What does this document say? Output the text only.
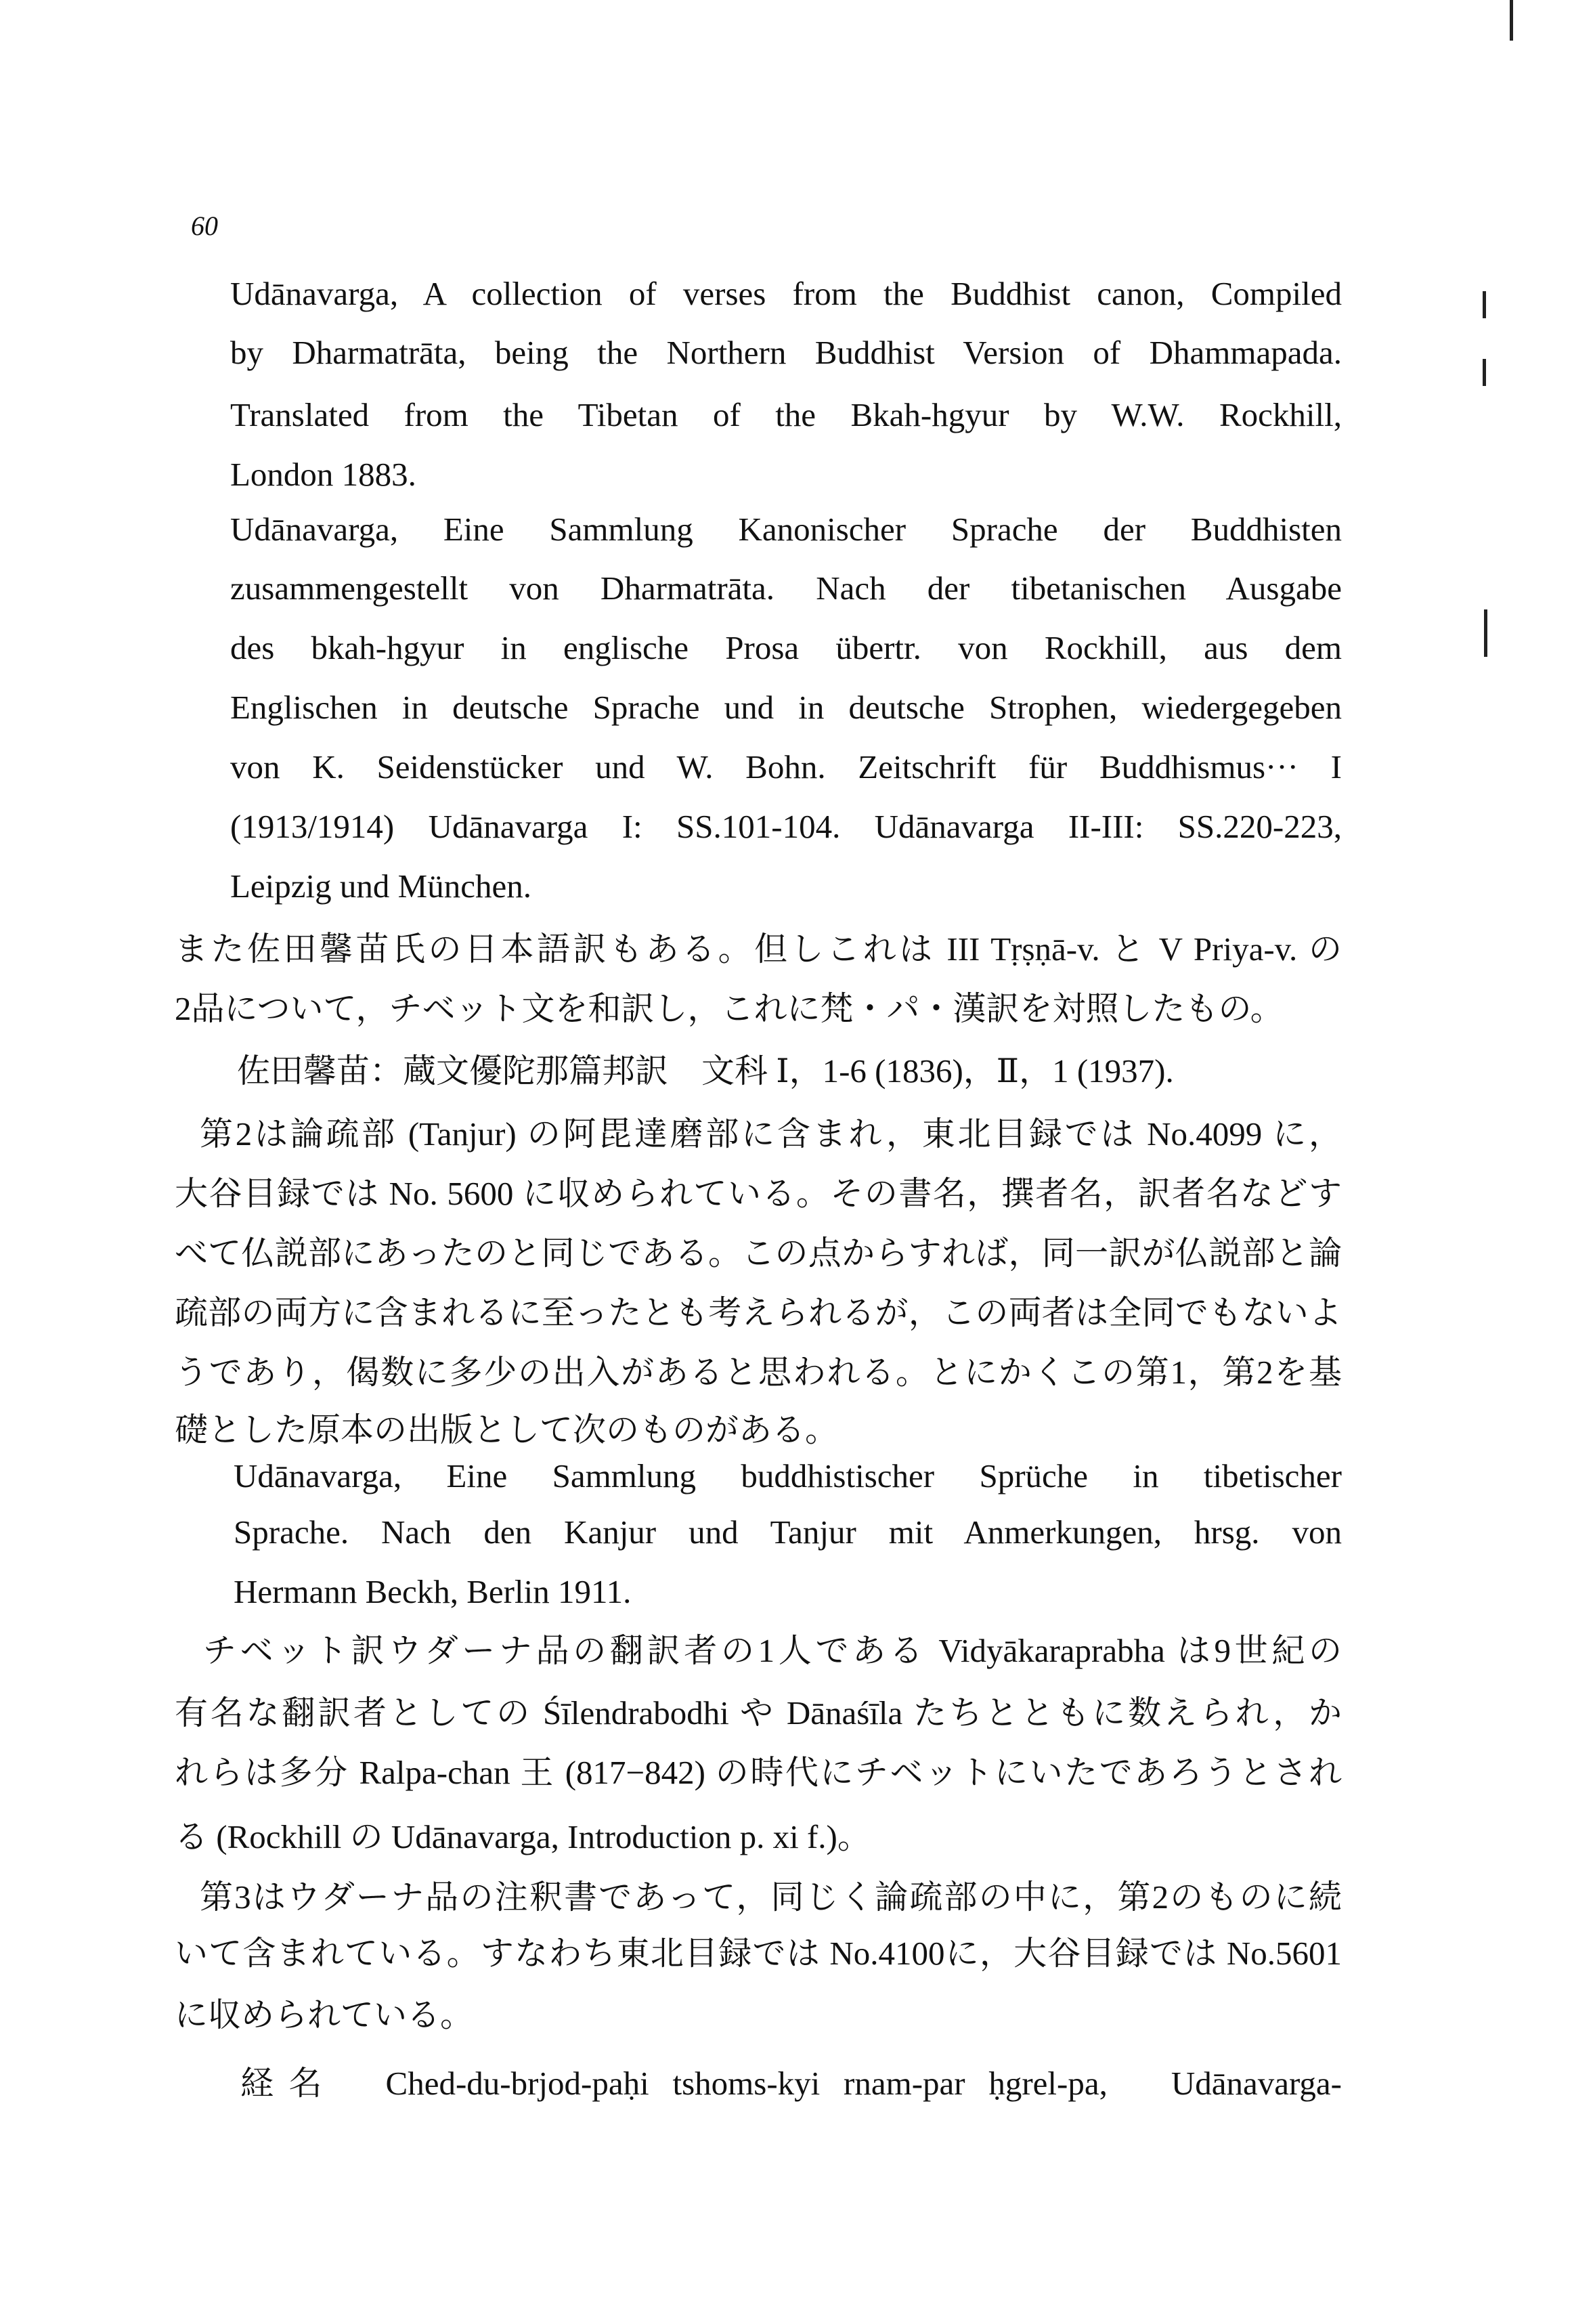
60
Udānavarga, A collection of verses from the Buddhist canon, Compiled
by Dharmatrāta, being the Northern Buddhist Version of Dhammapada.
Translated from the Tibetan of the Bkah-hgyur by W.W. Rockhill,
London 1883.
Udānavarga, Eine Sammlung Kanonischer Sprache der Buddhisten
zusammengestellt von Dharmatrāta. Nach der tibetanischen Ausgabe
des bkah-hgyur in englische Prosa übertr. von Rockhill, aus dem
Englischen in deutsche Sprache und in deutsche Strophen, wiedergegeben
von K. Seidenstücker und W. Bohn. Zeitschrift für Buddhismus··· I
(1913/1914) Udānavarga I: SS.101-104. Udānavarga II-III: SS.220-223,
Leipzig und München.
また佐田馨苗氏の日本語訳もある。但しこれは III Tṛṣṇā-v. と V Priya-v. の
2品について，チベット文を和訳し，これに梵・パ・漢訳を対照したもの。
佐田馨苗：蔵文優陀那篇邦訳　文科 Ⅰ，1-6 (1836)，Ⅱ，1 (1937).
第2は論疏部 (Tanjur) の阿毘達磨部に含まれ，東北目録では No.4099 に，
大谷目録では No. 5600 に収められている。その書名，撰者名，訳者名などす
べて仏説部にあったのと同じである。この点からすれば，同一訳が仏説部と論
疏部の両方に含まれるに至ったとも考えられるが，この両者は全同でもないよ
うであり，偈数に多少の出入があると思われる。とにかくこの第1，第2を基
礎とした原本の出版として次のものがある。
Udānavarga, Eine Sammlung buddhistischer Sprüche in tibetischer
Sprache. Nach den Kanjur und Tanjur mit Anmerkungen, hrsg. von
Hermann Beckh, Berlin 1911.
チベット訳ウダーナ品の翻訳者の1人である Vidyākaraprabha は9世紀の
有名な翻訳者としての Śīlendrabodhi や Dānaśīla たちとともに数えられ，か
れらは多分 Ralpa-chan 王 (817−842) の時代にチベットにいたであろうとされ
る (Rockhill の Udānavarga, Introduction p. xi f.)。
第3はウダーナ品の注釈書であって，同じく論疏部の中に，第2のものに続
いて含まれている。すなわち東北目録では No.4100に，大谷目録では No.5601
に収められている。
経名　Ched-du-brjod-paḥi tshoms-kyi rnam-par ḥgrel-pa,　Udānavarga-
